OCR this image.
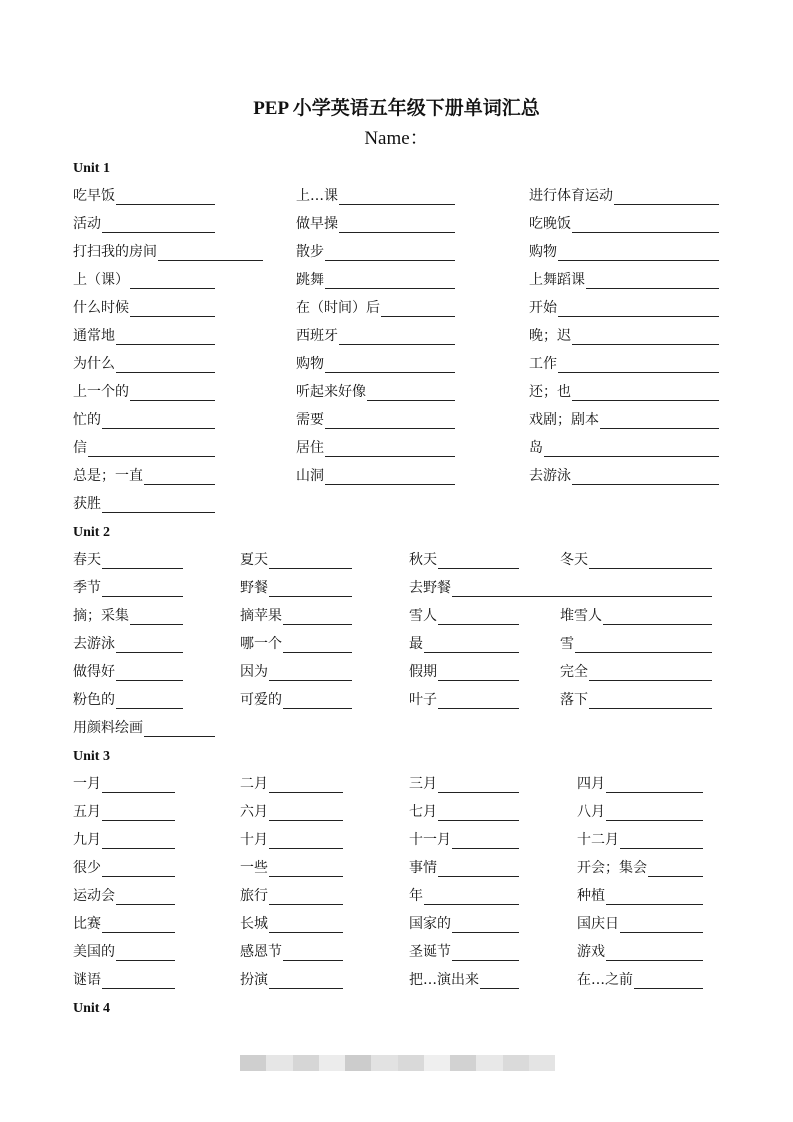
PEP 小学英语五年级下册单词汇总
Name：
Unit 1
吃早饭	上…课	进行体育运动
活动	做早操	吃晚饭
打扫我的房间	散步	购物
上（课）	跳舞	上舞蹈课
什么时候	在（时间）后	开始
通常地	西班牙	晚；迟
为什么	购物	工作
上一个的	听起来好像	还；也
忙的	需要	戏剧；剧本
信	居住	岛
总是；一直	山洞	去游泳
获胜
Unit 2
春天	夏天	秋天	冬天
季节	野餐	去野餐
摘；采集	摘苹果	雪人	堆雪人
去游泳	哪一个	最	雪
做得好	因为	假期	完全
粉色的	可爱的	叶子	落下
用颜料绘画
Unit 3
一月	二月	三月	四月
五月	六月	七月	八月
九月	十月	十一月	十二月
很少	一些	事情	开会；集会
运动会	旅行	年	种植
比赛	长城	国家的	国庆日
美国的	感恩节	圣诞节	游戏
谜语	扮演	把…演出来	在…之前
Unit 4
